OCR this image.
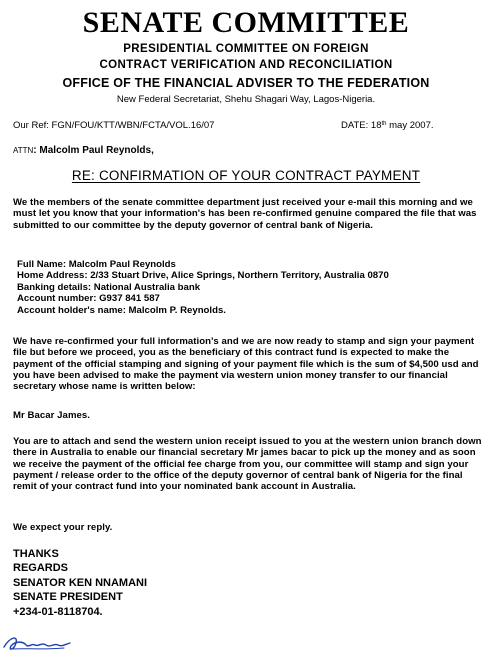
SENATE COMMITTEE
PRESIDENTIAL COMMITTEE ON FOREIGN
CONTRACT VERIFICATION AND RECONCILIATION
OFFICE OF THE FINANCIAL ADVISER TO THE FEDERATION
New Federal Secretariat, Shehu Shagari Way, Lagos-Nigeria.
Our Ref: FGN/FOU/KTT/WBN/FCTA/VOL.16/07	DATE: 18th may 2007.
ATTN: Malcolm Paul Reynolds,
RE: CONFIRMATION OF YOUR CONTRACT PAYMENT

We the members of the senate committee department just received your e-mail this morning and we must let you know that your information's has been re-confirmed genuine compared the file that was submitted to our committee by the deputy governor of central bank of Nigeria.

Full Name: Malcolm Paul Reynolds

Home Address: 2/33 Stuart Drive, Alice Springs, Northern Territory, Australia 0870

Banking details: National Australia bank

Account number: G937 841 587

Account holder's name: Malcolm P. Reynolds.

We have re-confirmed your full information's and we are now ready to stamp and sign your payment file but before we proceed, you as the beneficiary of this contract fund is expected to make the payment of the official stamping and signing of your payment file which is the sum of $4,500 usd and you have been advised to make the payment via western union money transfer to our financial secretary whose name is written below:

Mr Bacar James.

You are to attach and send the western union receipt issued to you at the western union branch down there in Australia to enable our financial secretary Mr james bacar to pick up the money and as soon we receive the payment of the official fee charge from you, our committee will stamp and sign your payment / release order to the office of the deputy governor of central bank of Nigeria for the final remit of your contract fund into your nominated bank account in Australia.

We expect your reply.

THANKS

REGARDS

SENATOR KEN NNAMANI

SENATE PRESIDENT

+234-01-8118704.
